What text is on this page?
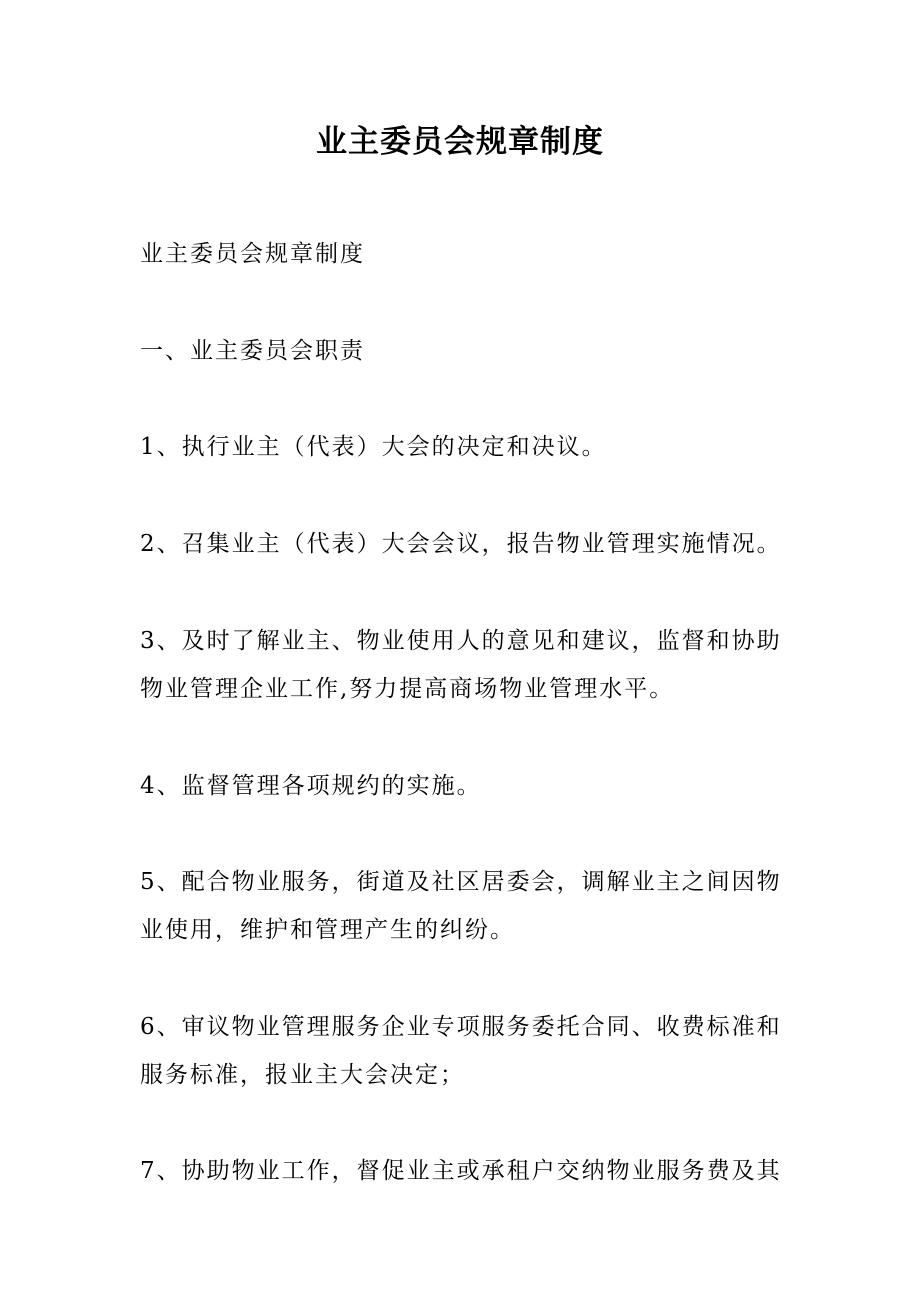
业主委员会规章制度

业主委员会规章制度

一、业主委员会职责

1、执行业主（代表）大会的决定和决议。

2、召集业主（代表）大会会议，报告物业管理实施情况。

3、及时了解业主、物业使用人的意见和建议，监督和协助
物业管理企业工作,努力提高商场物业管理水平。

4、监督管理各项规约的实施。

5、配合物业服务，街道及社区居委会，调解业主之间因物
业使用，维护和管理产生的纠纷。

6、审议物业管理服务企业专项服务委托合同、收费标准和
服务标准，报业主大会决定；

7、协助物业工作，督促业主或承租户交纳物业服务费及其
